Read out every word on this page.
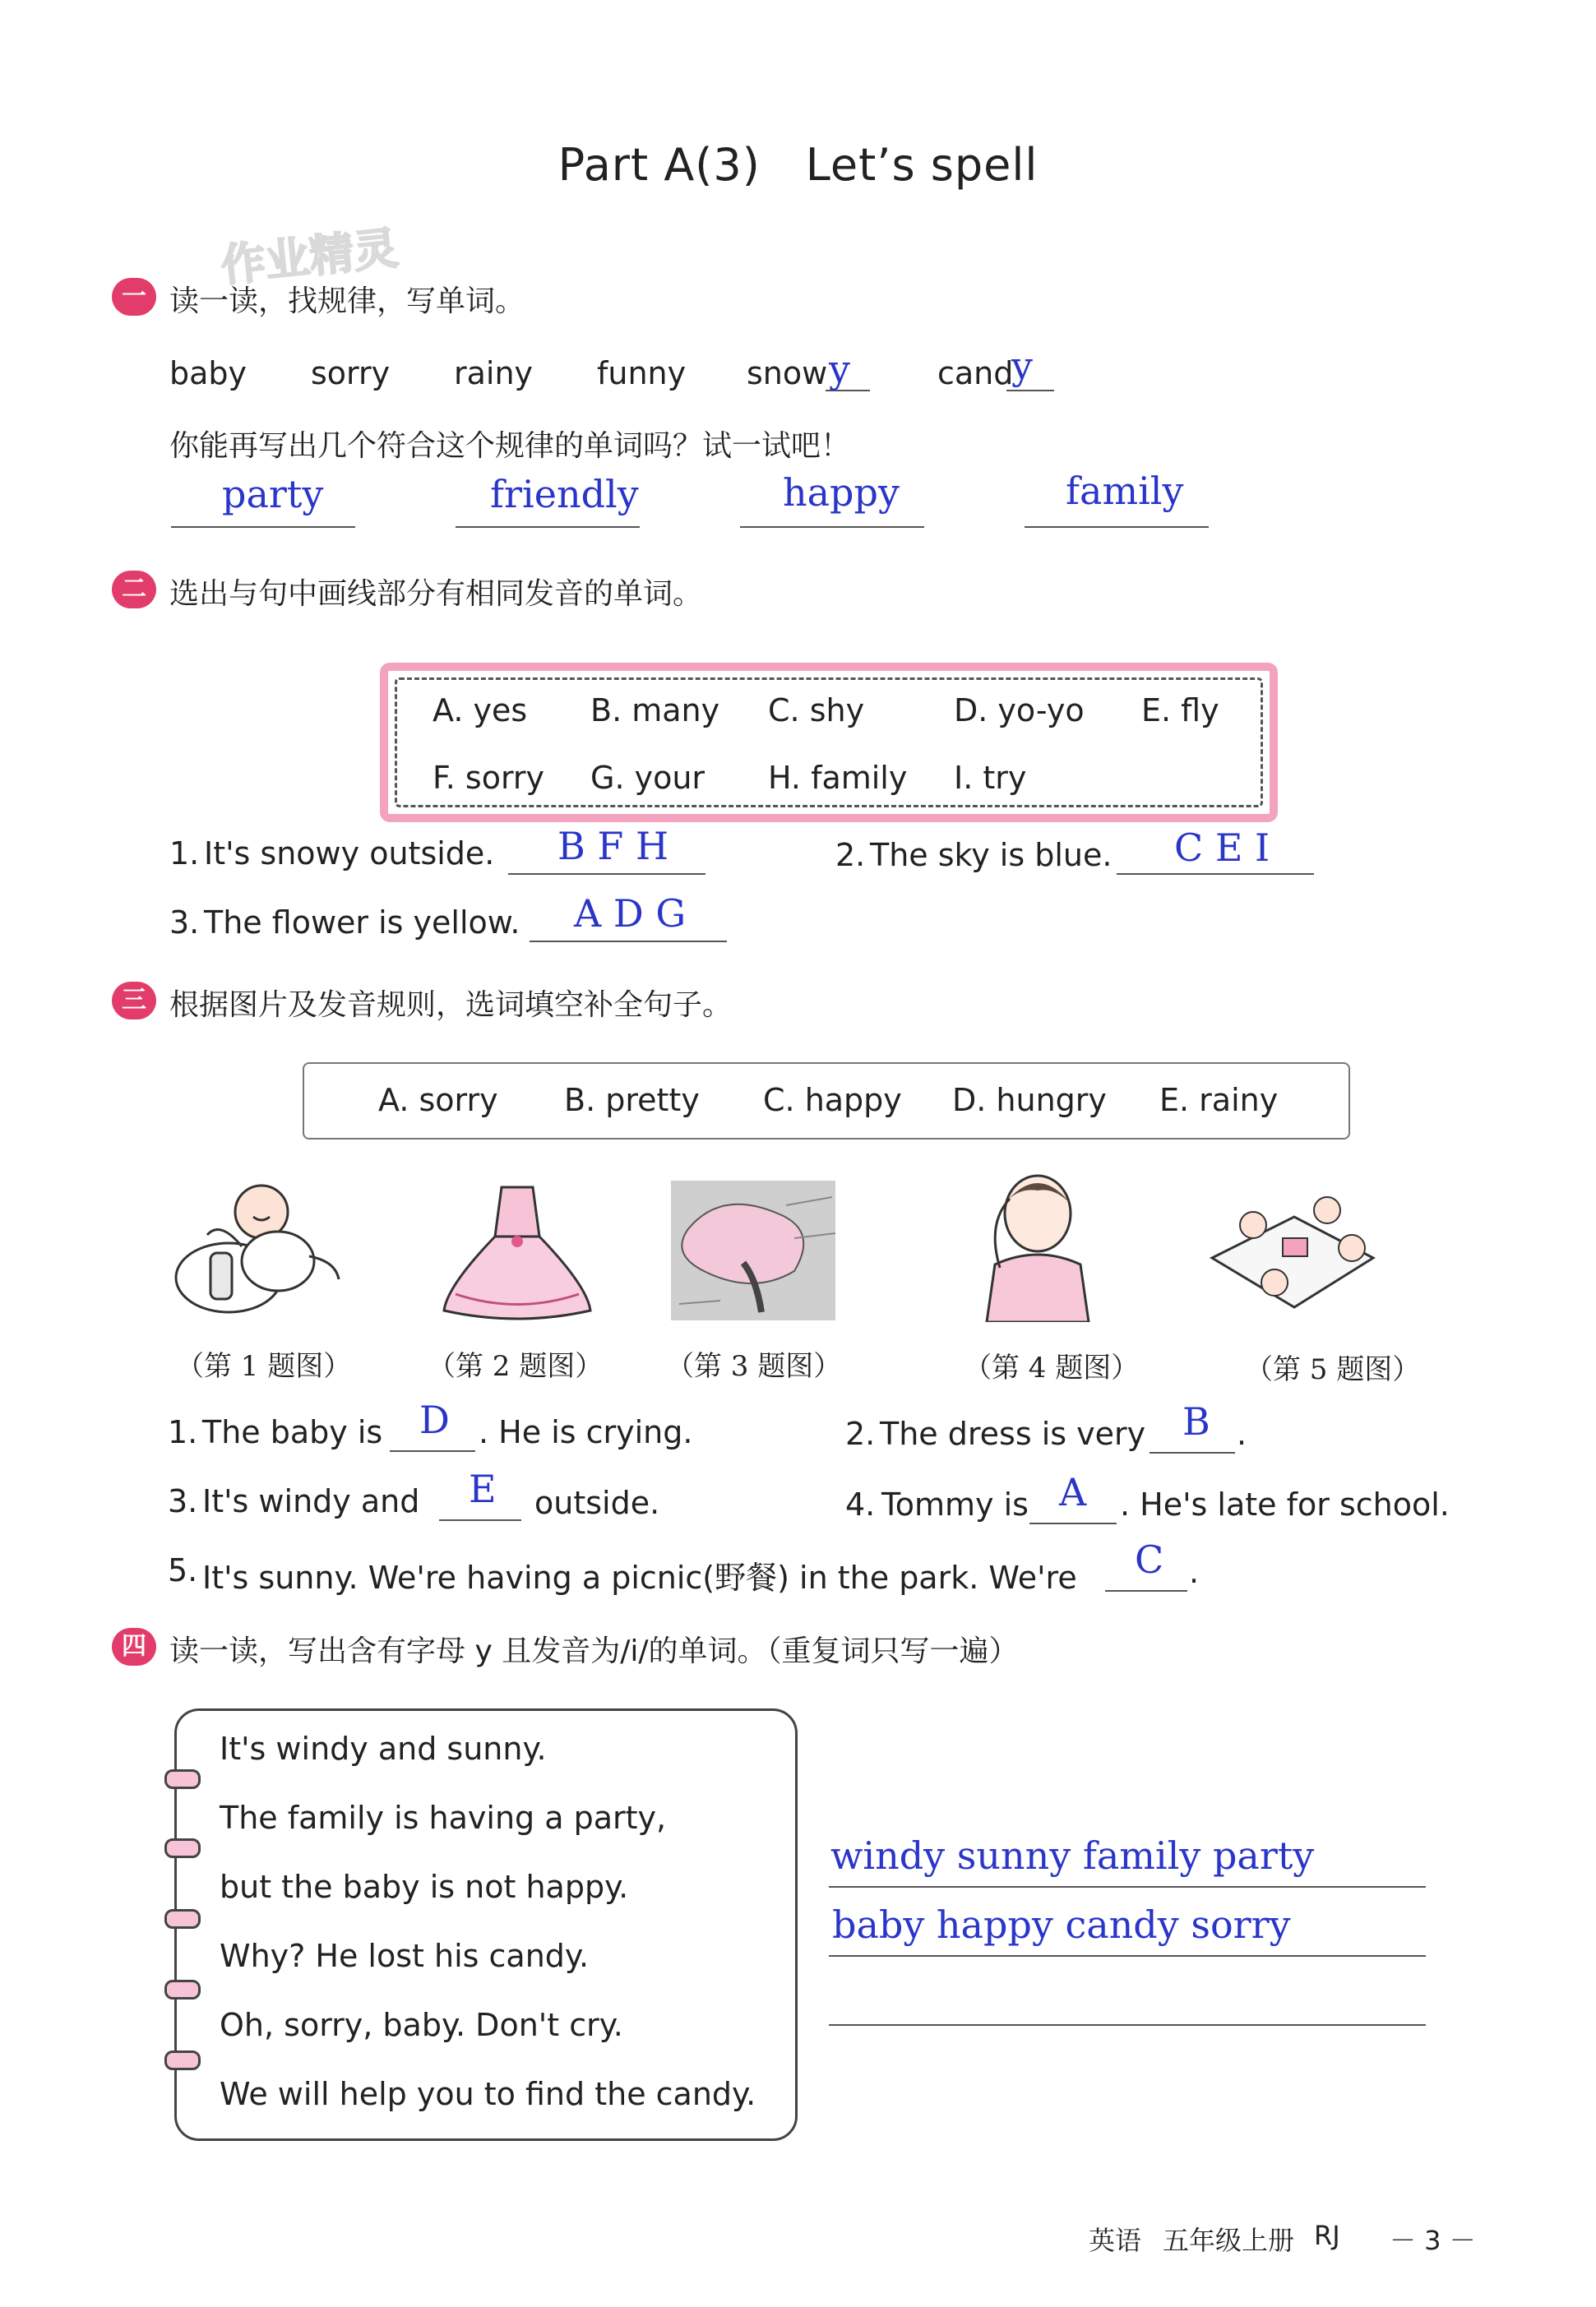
Part A(3)　Let’s spell
作业精灵
一 读一读，找规律，写单词。
baby sorry rainy funny snow y	cand
y
你能再写出几个符合这个规律的单词吗？试一试吧！
party	friendly	happy	family
二 选出与句中画线部分有相同发音的单词。
A. yes B. many C. shy	D. yo-yo E. fly
F. sorry G. your H. family I. try
1. It's snowy outside. B F H	2. The sky is blue. C E I
3. The flower is yellow. A D G
三 根据图片及发音规则，选词填空补全句子。
A. sorry B. pretty C. happy D. hungry E. rainy
（第 1 题图）	（第 2 题图） （第 3 题图）	（第 4 题图）	（第 5 题图）
1. The baby is D . He is crying.	2. The dress is very B .
3. It's windy and E outside.	4. Tommy is A . He's late for school.
5. It's sunny. We're having a picnic(野餐) in the park. We're C .
四 读一读，写出含有字母 y 且发音为/i/的单词。（重复词只写一遍）
It's windy and sunny.
The family is having a party,
but the baby is not happy.
Why? He lost his candy.
Oh, sorry, baby. Don't cry.
We will help you to find the candy.
windy sunny family party
baby happy candy sorry
英语 五年级上册 RJ － 3 －
